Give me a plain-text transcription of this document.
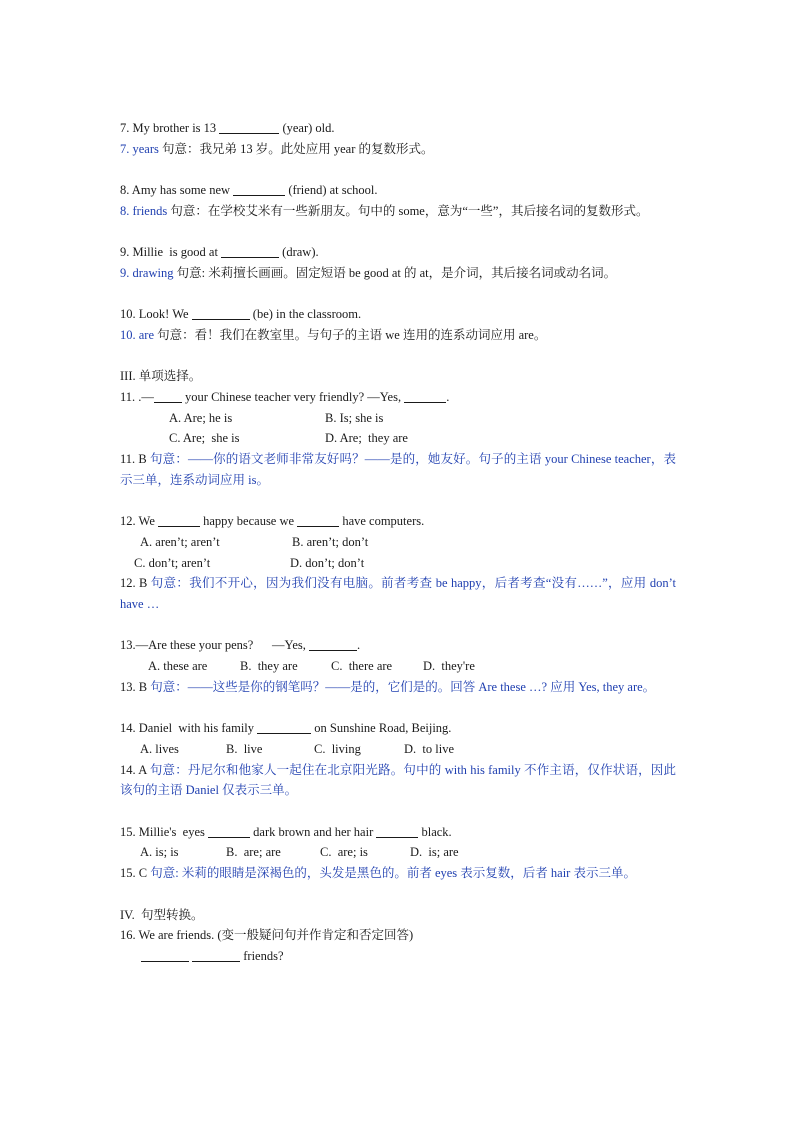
7. My brother is 13	(year) old.
7. years 句意：我兄弟 13 岁。此处应用 year 的复数形式。
8. Amy has some new	(friend) at school.
8. friends 句意：在学校艾米有一些新朋友。句中的 some，意为“一些”，其后接名词的复数形式。
9. Millie  is good at	(draw).
9. drawing 句意: 米莉擅长画画。固定短语 be good at 的 at，是介词，其后接名词或动名词。
10. Look! We	(be) in the classroom.
10. are 句意：看！我们在教室里。与句子的主语 we 连用的连系动词应用 are。
III. 单项选择。
11. .— your Chinese teacher very friendly? —Yes,	.
A. Are; he is	B. Is; she is
C. Are;  she is	D. Are;  they are
11. B 句意：——你的语文老师非常友好吗？——是的，她友好。句子的主语 your Chinese teacher，表示三单，连系动词应用 is。
12. We	happy because we	have computers.
A. aren’t; aren’t	B. aren’t; don’t
C. don’t; aren’t	D. don’t; don’t
12. B 句意：我们不开心，因为我们没有电脑。前者考查 be happy，后者考查“没有……”，应用 don’t have …
13.—Are these your pens?      —Yes,	.
A. these are	B.  they are	C.  there are D.  they're
13. B 句意：——这些是你的钢笔吗？——是的，它们是的。回答 Are these …? 应用 Yes, they are。
14. Daniel  with his family	on Sunshine Road, Beijing.
A. lives	B.  live	C.  living	D.  to live
14. A 句意：丹尼尔和他家人一起住在北京阳光路。句中的 with his family 不作主语，仅作状语，因此该句的主语 Daniel 仅表示三单。
15. Millie's  eyes	dark brown and her hair	black.
A. is; is	B.  are; are	C.  are; is	D.  is; are
15. C 句意: 米莉的眼睛是深褐色的，头发是黑色的。前者 eyes 表示复数，后者 hair 表示三单。
IV.  句型转换。
16. We are friends. (变一般疑问句并作肯定和否定回答)
friends?
